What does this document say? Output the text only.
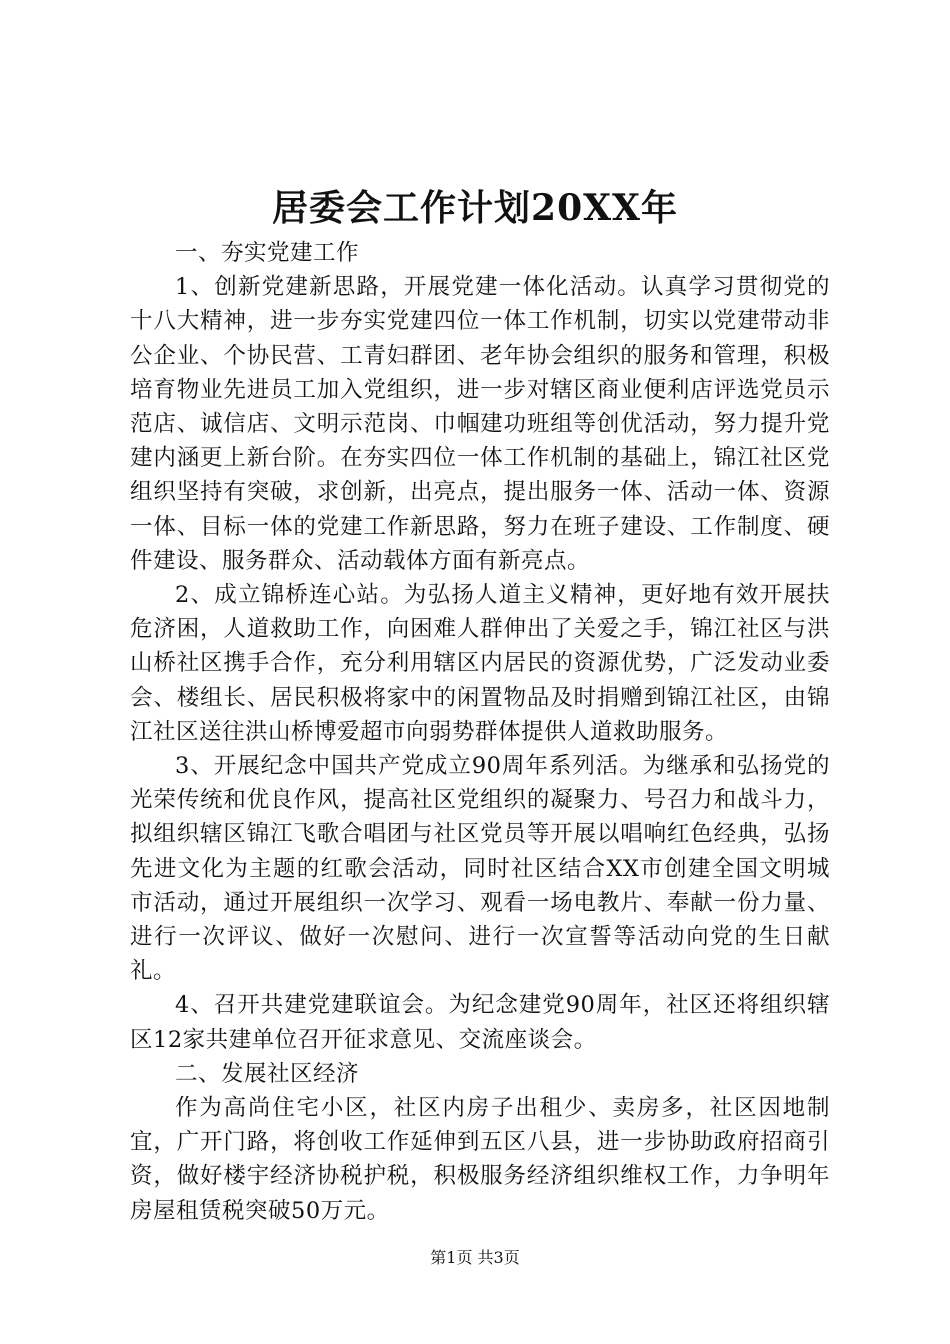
居委会工作计划20XX年

一、夯实党建工作

1、创新党建新思路，开展党建一体化活动。认真学习贯彻党的十八大精神，进一步夯实党建四位一体工作机制，切实以党建带动非公企业、个协民营、工青妇群团、老年协会组织的服务和管理，积极培育物业先进员工加入党组织，进一步对辖区商业便利店评选党员示范店、诚信店、文明示范岗、巾帼建功班组等创优活动，努力提升党建内涵更上新台阶。在夯实四位一体工作机制的基础上，锦江社区党组织坚持有突破，求创新，出亮点，提出服务一体、活动一体、资源一体、目标一体的党建工作新思路，努力在班子建设、工作制度、硬件建设、服务群众、活动载体方面有新亮点。

2、成立锦桥连心站。为弘扬人道主义精神，更好地有效开展扶危济困，人道救助工作，向困难人群伸出了关爱之手，锦江社区与洪山桥社区携手合作，充分利用辖区内居民的资源优势，广泛发动业委会、楼组长、居民积极将家中的闲置物品及时捐赠到锦江社区，由锦江社区送往洪山桥博爱超市向弱势群体提供人道救助服务。

3、开展纪念中国共产党成立90周年系列活。为继承和弘扬党的光荣传统和优良作风，提高社区党组织的凝聚力、号召力和战斗力，拟组织辖区锦江飞歌合唱团与社区党员等开展以唱响红色经典，弘扬先进文化为主题的红歌会活动，同时社区结合XX市创建全国文明城市活动，通过开展组织一次学习、观看一场电教片、奉献一份力量、进行一次评议、做好一次慰问、进行一次宣誓等活动向党的生日献礼。

4、召开共建党建联谊会。为纪念建党90周年，社区还将组织辖区12家共建单位召开征求意见、交流座谈会。

二、发展社区经济

作为高尚住宅小区，社区内房子出租少、卖房多，社区因地制宜，广开门路，将创收工作延伸到五区八县，进一步协助政府招商引资，做好楼宇经济协税护税，积极服务经济组织维权工作，力争明年房屋租赁税突破50万元。

第1页 共3页
